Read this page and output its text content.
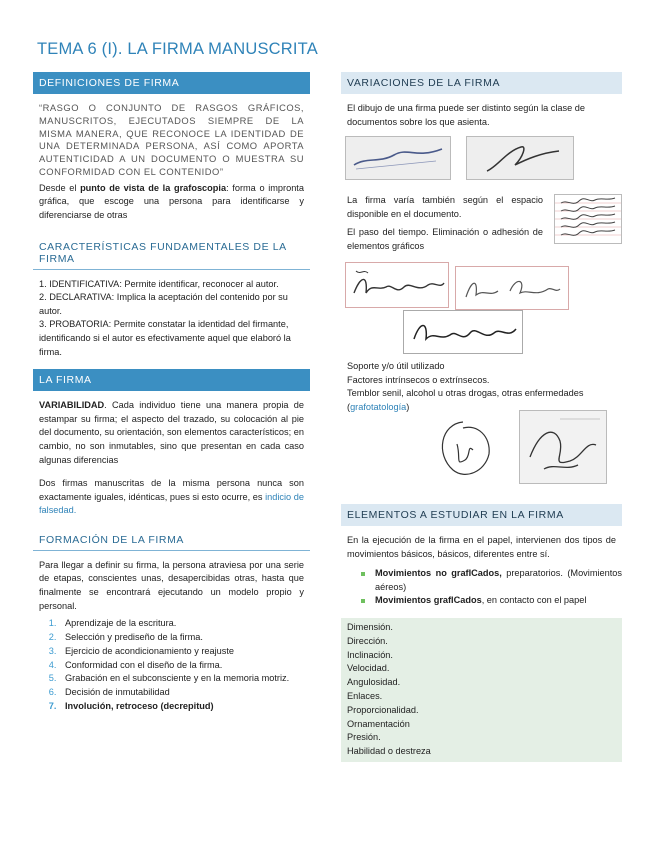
TEMA 6 (I). LA FIRMA MANUSCRITA
DEFINICIONES DE FIRMA
“RASGO O CONJUNTO DE RASGOS GRÁFICOS, MANUSCRITOS, EJECUTADOS SIEMPRE DE LA MISMA MANERA, QUE RECONOCE LA IDENTIDAD DE UNA DETERMINADA PERSONA, ASÍ COMO APORTA AUTENTICIDAD A UN DOCUMENTO O MUESTRA SU CONFORMIDAD CON EL CONTENIDO”

Desde el punto de vista de la grafoscopia: forma o impronta gráfica, que escoge una persona para identificarse y diferenciarse de otras

CARACTERÍSTICAS FUNDAMENTALES DE LA FIRMA

1. IDENTIFICATIVA: Permite identificar, reconocer al autor.

2. DECLARATIVA: Implica la aceptación del contenido por su autor.

3. PROBATORIA: Permite constatar la identidad del firmante, identificando si el autor es efectivamente aquel que elaboró la firma.

LA FIRMA

VARIABILIDAD. Cada individuo tiene una manera propia de estampar su firma; el aspecto del trazado, su colocación al pie del documento, su orientación, son elementos característicos; en cambio, no son inmutables, sino que presentan en cada caso algunas diferencias

Dos firmas manuscritas de la misma persona nunca son exactamente iguales, idénticas, pues si esto ocurre, es indicio de falsedad.

FORMACIÓN DE LA FIRMA

Para llegar a definir su firma, la persona atraviesa por una serie de etapas, conscientes unas, desapercibidas otras, hasta que finalmente se encontrará ejecutando un modelo propio y personal.

1. Aprendizaje de la escritura.
2. Selección y prediseño de la firma.
3. Ejercicio de acondicionamiento y reajuste
4. Conformidad con el diseño de la firma.
5. Grabación en el subconsciente y en la memoria motriz.
6. Decisión de inmutabilidad
7. Involución, retroceso (decrepitud)
VARIACIONES DE LA FIRMA

El dibujo de una firma puede ser distinto según la clase de documentos sobre los que asienta.

La firma varía también según el espacio disponible en el documento.

El paso del tiempo. Eliminación o adhesión de elementos gráficos

Soporte y/o útil utilizado

Factores intrínsecos o extrínsecos.

Temblor senil, alcohol u otras drogas, otras enfermedades (grafotatología)

ELEMENTOS A ESTUDIAR EN LA FIRMA

En la ejecución de la firma en el papel, intervienen dos tipos de movimientos básicos, básicos, diferentes entre sí.

Movimientos no grafICados, preparatorios. (Movimientos aéreos)
Movimientos grafICados, en contacto con el papel
Dimensión.
Dirección.
Inclinación.
Velocidad.
Angulosidad.
Enlaces.
Proporcionalidad.
Ornamentación
Presión.
Habilidad o destreza
